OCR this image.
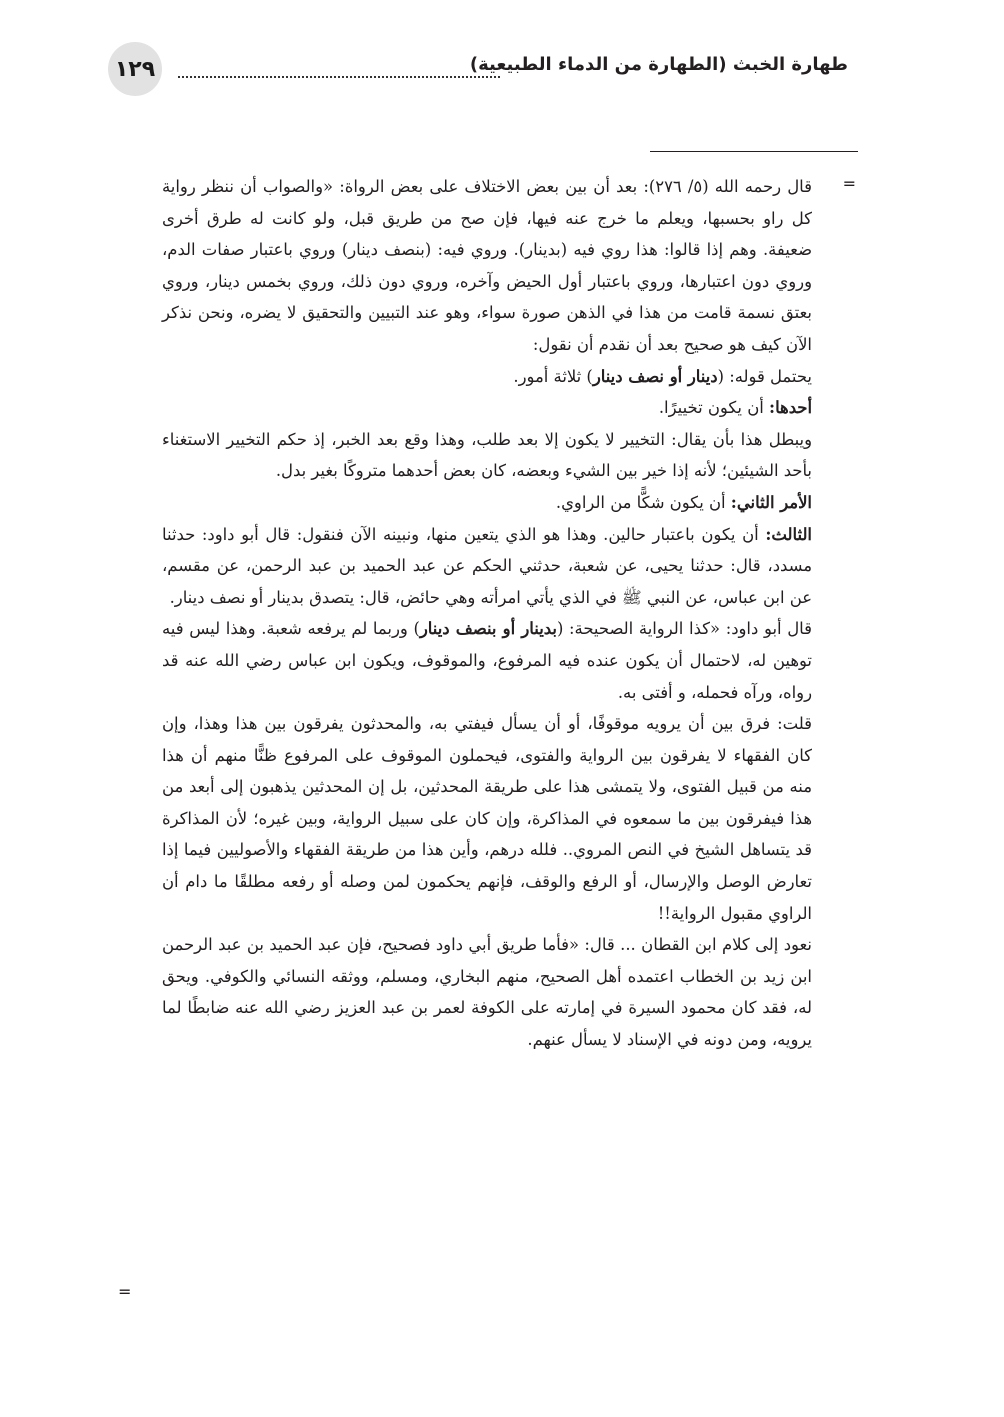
١٢٩	طهارة الخبث (الطهارة من الدماء الطبيعية)
=

قال رحمه الله (٥/ ٢٧٦): بعد أن بين بعض الاختلاف على بعض الرواة: «والصواب أن ننظر رواية كل راو بحسبها، ويعلم ما خرج عنه فيها، فإن صح من طريق قبل، ولو كانت له طرق أخرى ضعيفة. وهم إذا قالوا: هذا روي فيه (بدينار). وروي فيه: (بنصف دينار) وروي باعتبار صفات الدم، وروي دون اعتبارها، وروي باعتبار أول الحيض وآخره، وروي دون ذلك، وروي بخمس دينار، وروي بعتق نسمة قامت من هذا في الذهن صورة سواء، وهو عند التبيين والتحقيق لا يضره، ونحن نذكر الآن كيف هو صحيح بعد أن نقدم أن نقول:

يحتمل قوله: (دينار أو نصف دينار) ثلاثة أمور.

أحدها: أن يكون تخييرًا.

ويبطل هذا بأن يقال: التخيير لا يكون إلا بعد طلب، وهذا وقع بعد الخبر، إذ حكم التخيير الاستغناء بأحد الشيئين؛ لأنه إذا خير بين الشيء وبعضه، كان بعض أحدهما متروكًا بغير بدل.

الأمر الثاني: أن يكون شكًّا من الراوي.

الثالث: أن يكون باعتبار حالين. وهذا هو الذي يتعين منها، ونبينه الآن فنقول: قال أبو داود: حدثنا مسدد، قال: حدثنا يحيى، عن شعبة، حدثني الحكم عن عبد الحميد بن عبد الرحمن، عن مقسم، عن ابن عباس، عن النبي ﷺ في الذي يأتي امرأته وهي حائض، قال: يتصدق بدينار أو نصف دينار.

قال أبو داود: «كذا الرواية الصحيحة: (بدينار أو بنصف دينار) وربما لم يرفعه شعبة. وهذا ليس فيه توهين له، لاحتمال أن يكون عنده فيه المرفوع، والموقوف، ويكون ابن عباس رضي الله عنه قد رواه، ورآه فحمله، و أفتى به.

قلت: فرق بين أن يرويه موقوفًا، أو أن يسأل فيفتي به، والمحدثون يفرقون بين هذا وهذا، وإن كان الفقهاء لا يفرقون بين الرواية والفتوى، فيحملون الموقوف على المرفوع ظنًّا منهم أن هذا منه من قبيل الفتوى، ولا يتمشى هذا على طريقة المحدثين، بل إن المحدثين يذهبون إلى أبعد من هذا فيفرقون بين ما سمعوه في المذاكرة، وإن كان على سبيل الرواية، وبين غيره؛ لأن المذاكرة قد يتساهل الشيخ في النص المروي.. فلله درهم، وأين هذا من طريقة الفقهاء والأصوليين فيما إذا تعارض الوصل والإرسال، أو الرفع والوقف، فإنهم يحكمون لمن وصله أو رفعه مطلقًا ما دام أن الراوي مقبول الرواية!!

نعود إلى كلام ابن القطان ... قال: «فأما طريق أبي داود فصحيح، فإن عبد الحميد بن عبد الرحمن ابن زيد بن الخطاب اعتمده أهل الصحيح، منهم البخاري، ومسلم، ووثقه النسائي والكوفي. ويحق له، فقد كان محمود السيرة في إمارته على الكوفة لعمر بن عبد العزيز رضي الله عنه ضابطًا لما يرويه، ومن دونه في الإسناد لا يسأل عنهم.

=
